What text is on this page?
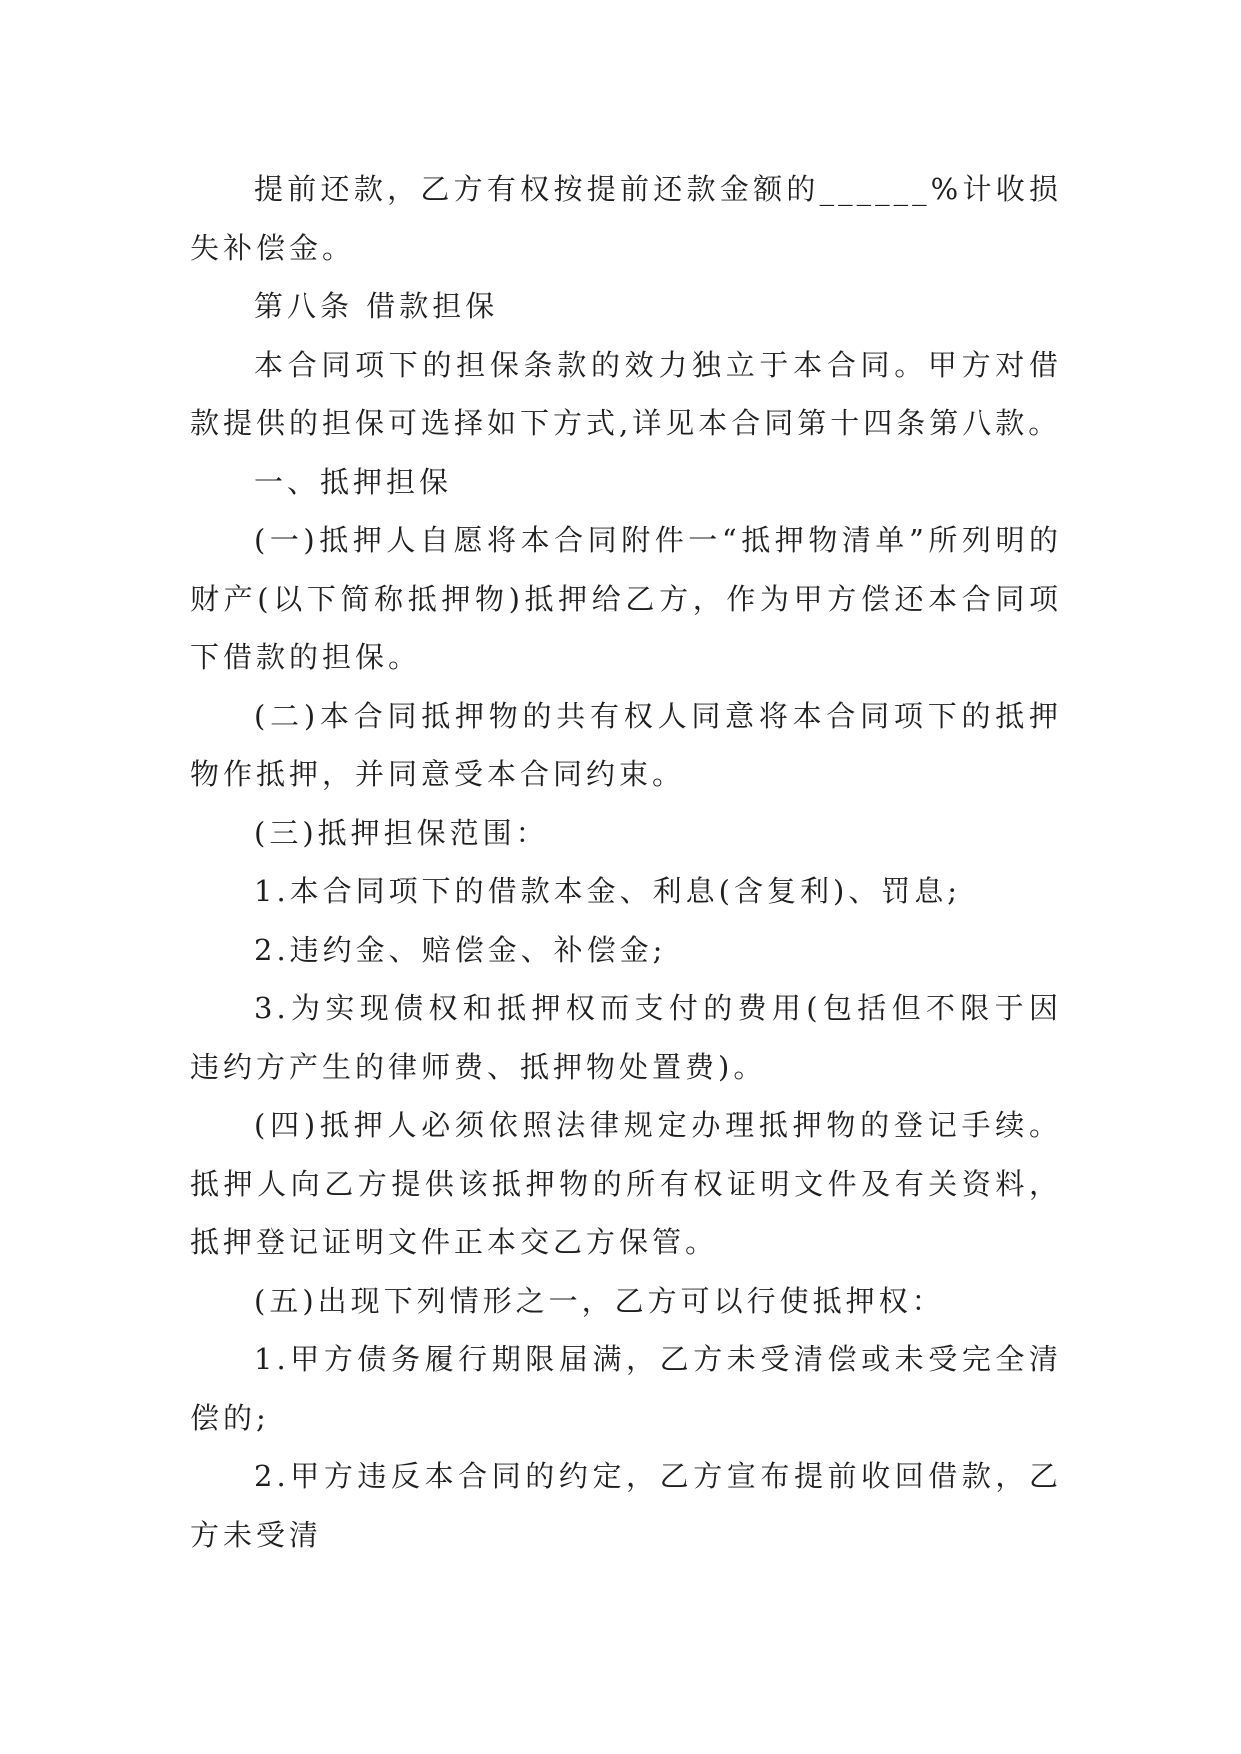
提前还款，乙方有权按提前还款金额的______%计收损失补偿金。

第八条 借款担保

本合同项下的担保条款的效力独立于本合同。甲方对借款提供的担保可选择如下方式,详见本合同第十四条第八款。

一、抵押担保

(一)抵押人自愿将本合同附件一“抵押物清单”所列明的财产(以下简称抵押物)抵押给乙方，作为甲方偿还本合同项下借款的担保。

(二)本合同抵押物的共有权人同意将本合同项下的抵押物作抵押，并同意受本合同约束。

(三)抵押担保范围：

1.本合同项下的借款本金、利息(含复利)、罚息;

2.违约金、赔偿金、补偿金;

3.为实现债权和抵押权而支付的费用(包括但不限于因违约方产生的律师费、抵押物处置费)。

(四)抵押人必须依照法律规定办理抵押物的登记手续。抵押人向乙方提供该抵押物的所有权证明文件及有关资料，抵押登记证明文件正本交乙方保管。

(五)出现下列情形之一，乙方可以行使抵押权：

1.甲方债务履行期限届满，乙方未受清偿或未受完全清偿的;

2.甲方违反本合同的约定，乙方宣布提前收回借款，乙方未受清
